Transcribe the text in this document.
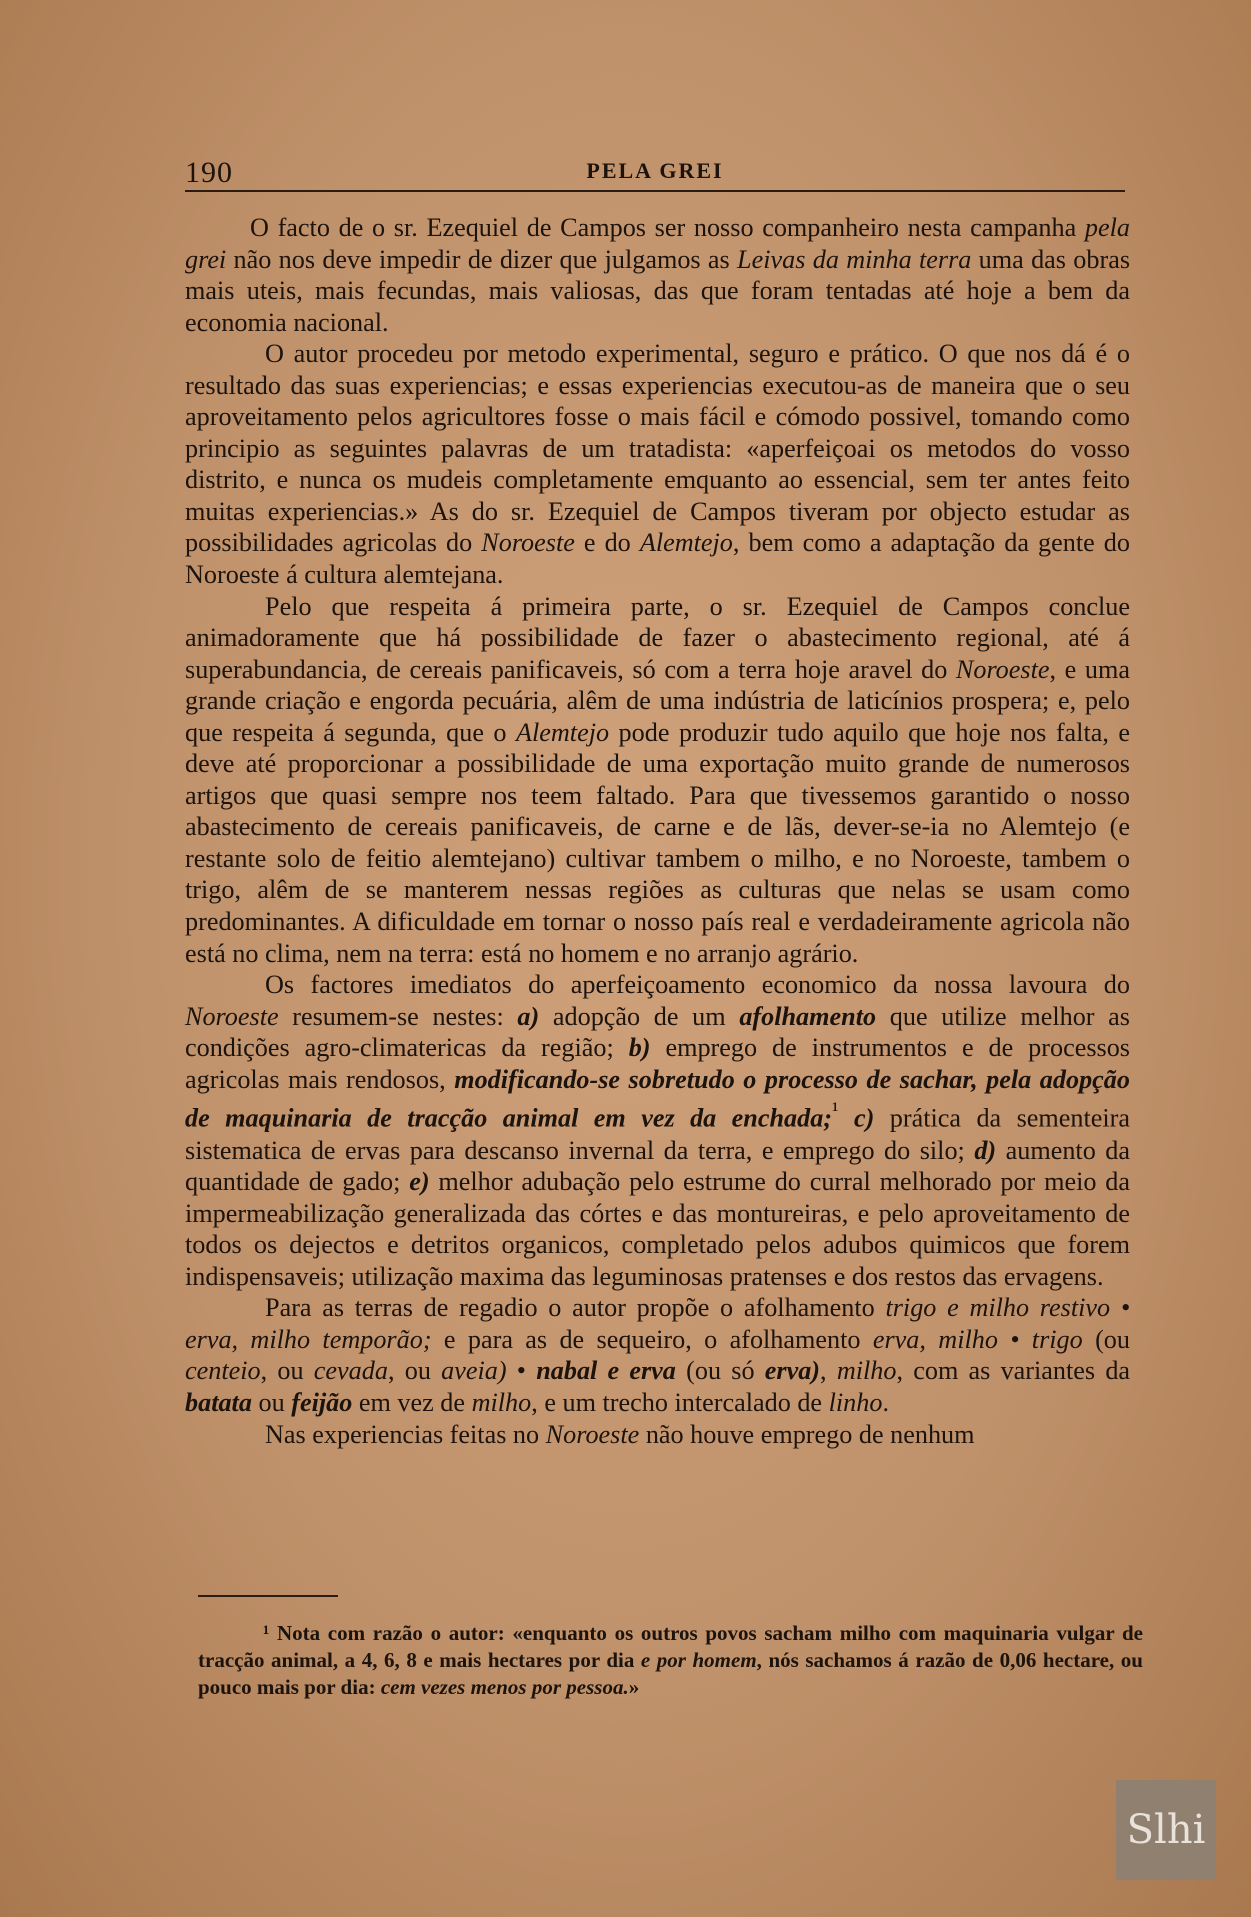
190	PELA GREI

O facto de o sr. Ezequiel de Campos ser nosso companheiro nesta campanha pela grei não nos deve impedir de dizer que julgamos as Leivas da minha terra uma das obras mais uteis, mais fecundas, mais valiosas, das que foram tentadas até hoje a bem da economia nacional.

O autor procedeu por metodo experimental, seguro e prático. O que nos dá é o resultado das suas experiencias; e essas experiencias executou-as de maneira que o seu aproveitamento pelos agricultores fosse o mais fácil e cómodo possivel, tomando como principio as seguintes palavras de um tratadista: «aperfeiçoai os metodos do vosso distrito, e nunca os mudeis completamente emquanto ao essencial, sem ter antes feito muitas experiencias.» As do sr. Ezequiel de Campos tiveram por objecto estudar as possibilidades agricolas do Noroeste e do Alemtejo, bem como a adaptação da gente do Noroeste á cultura alemtejana.

Pelo que respeita á primeira parte, o sr. Ezequiel de Campos conclue animadoramente que há possibilidade de fazer o abastecimento regional, até á superabundancia, de cereais panificaveis, só com a terra hoje aravel do Noroeste, e uma grande criação e engorda pecuária, alêm de uma indústria de laticínios prospera; e, pelo que respeita á segunda, que o Alemtejo pode produzir tudo aquilo que hoje nos falta, e deve até proporcionar a possibilidade de uma exportação muito grande de numerosos artigos que quasi sempre nos teem faltado. Para que tivessemos garantido o nosso abastecimento de cereais panificaveis, de carne e de lãs, dever-se-ia no Alemtejo (e restante solo de feitio alemtejano) cultivar tambem o milho, e no Noroeste, tambem o trigo, alêm de se manterem nessas regiões as culturas que nelas se usam como predominantes. A dificuldade em tornar o nosso país real e verdadeiramente agricola não está no clima, nem na terra: está no homem e no arranjo agrário.

Os factores imediatos do aperfeiçoamento economico da nossa lavoura do Noroeste resumem-se nestes: a) adopção de um afolhamento que utilize melhor as condições agro-climatericas da região; b) emprego de instrumentos e de processos agricolas mais rendosos, modificando-se sobretudo o processo de sachar, pela adopção de maquinaria de tracção animal em vez da enchada;$^{^1}$ c) prática da sementeira sistematica de ervas para descanso invernal da terra, e emprego do silo; d) aumento da quantidade de gado; e) melhor adubação pelo estrume do curral melhorado por meio da impermeabilização generalizada das córtes e das montureiras, e pelo aproveitamento de todos os dejectos e detritos organicos, completado pelos adubos quimicos que forem indispensaveis; utilização maxima das leguminosas pratenses e dos restos das ervagens.

Para as terras de regadio o autor propõe o afolhamento trigo e milho restivo • erva, milho temporão; e para as de sequeiro, o afolhamento erva, milho • trigo (ou centeio, ou cevada, ou aveia) • nabal e erva (ou só erva), milho, com as variantes da batata ou feijão em vez de milho, e um trecho intercalado de linho.

Nas experiencias feitas no Noroeste não houve emprego de nenhum

¹ Nota com razão o autor: «enquanto os outros povos sacham milho com maquinaria vulgar de tracção animal, a 4, 6, 8 e mais hectares por dia e por homem, nós sachamos á razão de 0,06 hectare, ou pouco mais por dia: cem vezes menos por pessoa.»
Slhi
